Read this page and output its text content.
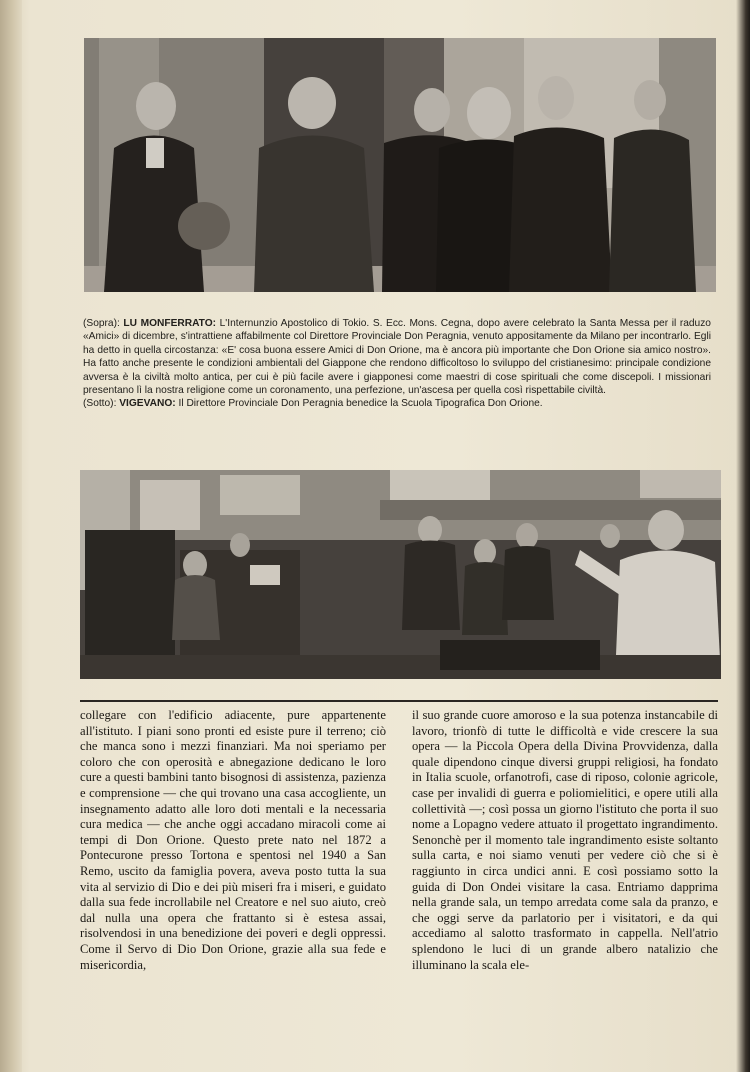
(Sopra): LU MONFERRATO: L'Internunzio Apostolico di Tokio. S. Ecc. Mons. Cegna, dopo avere celebrato la Santa Messa per il raduzo «Amici» di dicembre, s'intrattiene affabilmente col Direttore Provinciale Don Peragnia, venuto appositamente da Milano per incontrarlo. Egli ha detto in quella circostanza: «E' cosa buona essere Amici di Don Orione, ma è ancora più importante che Don Orione sia amico nostro». Ha fatto anche presente le condizioni ambientali del Giappone che rendono difficoltoso lo sviluppo del cristianesimo: principale condizione avversa è la civiltà molto antica, per cui è più facile avere i giapponesi come maestri di cose spirituali che come discepoli. I missionari presentano lì la nostra religione come un coronamento, una perfezione, un'ascesa per quella così rispettabile civiltà.
(Sotto): VIGEVANO: Il Direttore Provinciale Don Peragnia benedice la Scuola Tipografica Don Orione.
collegare con l'edificio adiacente, pure appartenente all'istituto. I piani sono pronti ed esiste pure il terreno; ciò che manca sono i mezzi finanziari. Ma noi speriamo per coloro che con operosità e abnegazione dedicano le loro cure a questi bambini tanto bisognosi di assistenza, pazienza e comprensione — che qui trovano una casa accogliente, un insegnamento adatto alle loro doti mentali e la necessaria cura medica — che anche oggi accadano miracoli come ai tempi di Don Orione. Questo prete nato nel 1872 a Pontecurone presso Tortona e spentosi nel 1940 a San Remo, uscito da famiglia povera, aveva posto tutta la sua vita al servizio di Dio e dei più miseri fra i miseri, e guidato dalla sua fede incrollabile nel Creatore e nel suo aiuto, creò dal nulla una opera che frattanto si è estesa assai, risolvendosi in una benedizione dei poveri e degli oppressi. Come il Servo di Dio Don Orione, grazie alla sua fede e misericordia,
il suo grande cuore amoroso e la sua potenza instancabile di lavoro, trionfò di tutte le difficoltà e vide crescere la sua opera — la Piccola Opera della Divina Provvidenza, dalla quale dipendono cinque diversi gruppi religiosi, ha fondato in Italia scuole, orfanotrofi, case di riposo, colonie agricole, case per invalidi di guerra e poliomielitici, e opere utili alla collettività —; così possa un giorno l'istituto che porta il suo nome a Lopagno vedere attuato il progettato ingrandimento. Senonchè per il momento tale ingrandimento esiste soltanto sulla carta, e noi siamo venuti per vedere ciò che si è raggiunto in circa undici anni. E così possiamo sotto la guida di Don Ondei visitare la casa. Entriamo dapprima nella grande sala, un tempo arredata come sala da pranzo, e che oggi serve da parlatorio per i visitatori, e da qui accediamo al salotto trasformato in cappella. Nell'atrio splendono le luci di un grande albero natalizio che illuminano la scala ele-
